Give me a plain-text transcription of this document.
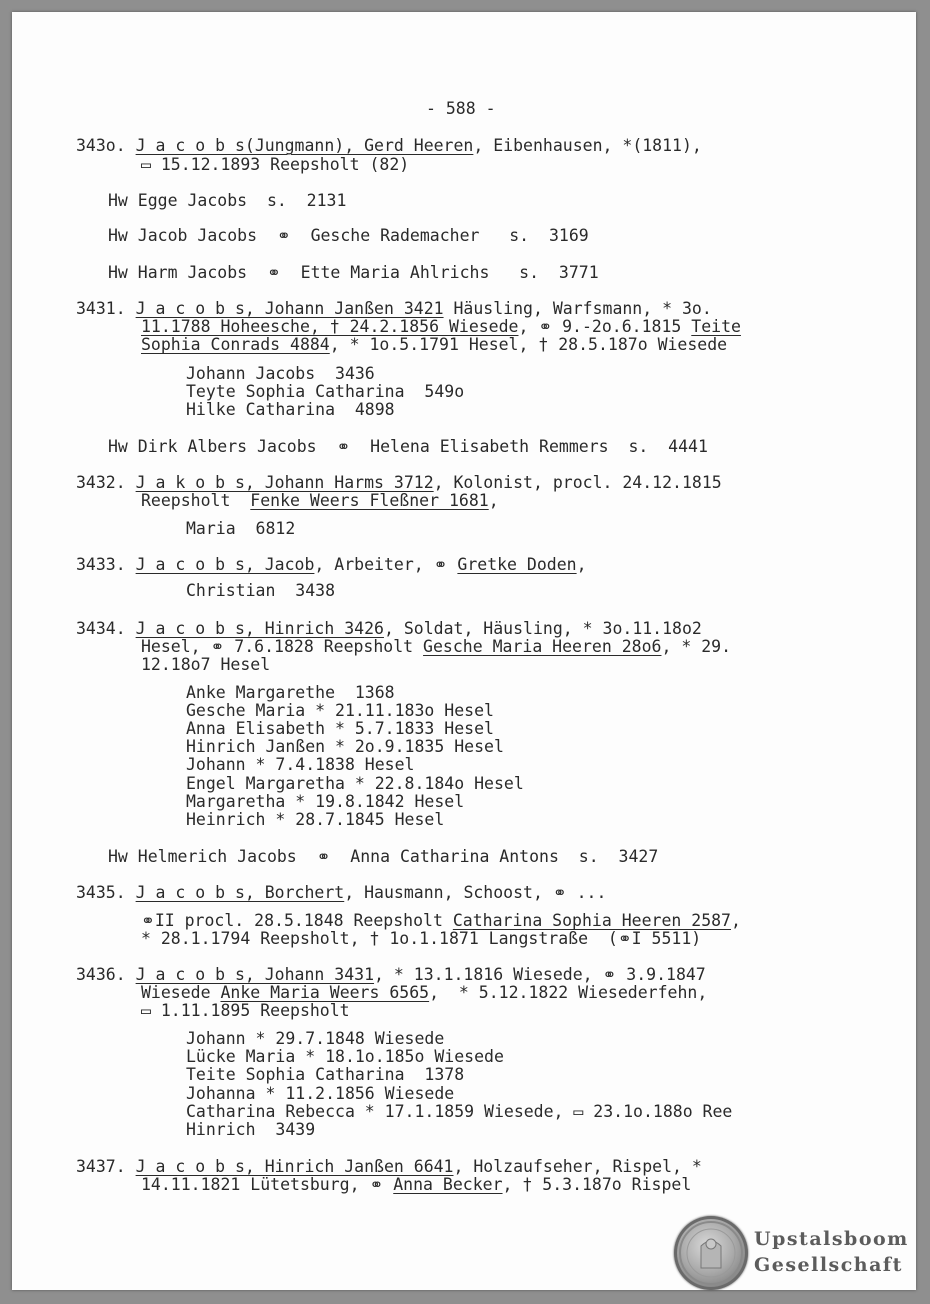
- 588 -
343o. J a c o b s(Jungmann), Gerd Heeren, Eibenhausen, *(1811),
▭ 15.12.1893 Reepsholt (82)
Hw Egge Jacobs  s.  2131
Hw Jacob Jacobs  ⚭  Gesche Rademacher   s.  3169
Hw Harm Jacobs  ⚭  Ette Maria Ahlrichs   s.  3771
3431. J a c o b s, Johann Janßen 3421 Häusling, Warfsmann, * 3o.
11.1788 Hoheesche, † 24.2.1856 Wiesede, ⚭ 9.-2o.6.1815 Teite
Sophia Conrads 4884, * 1o.5.1791 Hesel, † 28.5.187o Wiesede
Johann Jacobs  3436
Teyte Sophia Catharina  549o
Hilke Catharina  4898
Hw Dirk Albers Jacobs  ⚭  Helena Elisabeth Remmers  s.  4441
3432. J a k o b s, Johann Harms 3712, Kolonist, procl. 24.12.1815
Reepsholt  Fenke Weers Fleßner 1681,
Maria  6812
3433. J a c o b s, Jacob, Arbeiter, ⚭ Gretke Doden,
Christian  3438
3434. J a c o b s, Hinrich 3426, Soldat, Häusling, * 3o.11.18o2
Hesel, ⚭ 7.6.1828 Reepsholt Gesche Maria Heeren 28o6, * 29.
12.18o7 Hesel
Anke Margarethe  1368
Gesche Maria * 21.11.183o Hesel
Anna Elisabeth * 5.7.1833 Hesel
Hinrich Janßen * 2o.9.1835 Hesel
Johann * 7.4.1838 Hesel
Engel Margaretha * 22.8.184o Hesel
Margaretha * 19.8.1842 Hesel
Heinrich * 28.7.1845 Hesel
Hw Helmerich Jacobs  ⚭  Anna Catharina Antons  s.  3427
3435. J a c o b s, Borchert, Hausmann, Schoost, ⚭ ...
⚭II procl. 28.5.1848 Reepsholt Catharina Sophia Heeren 2587,
* 28.1.1794 Reepsholt, † 1o.1.1871 Langstraße  (⚭I 5511)
3436. J a c o b s, Johann 3431, * 13.1.1816 Wiesede, ⚭ 3.9.1847
Wiesede Anke Maria Weers 6565,  * 5.12.1822 Wiesederfehn,
▭ 1.11.1895 Reepsholt
Johann * 29.7.1848 Wiesede
Lücke Maria * 18.1o.185o Wiesede
Teite Sophia Catharina  1378
Johanna * 11.2.1856 Wiesede
Catharina Rebecca * 17.1.1859 Wiesede, ▭ 23.1o.188o Ree
Hinrich  3439
3437. J a c o b s, Hinrich Janßen 6641, Holzaufseher, Rispel, *
14.11.1821 Lütetsburg, ⚭ Anna Becker, † 5.3.187o Rispel
Upstalsboom
Gesellschaft
